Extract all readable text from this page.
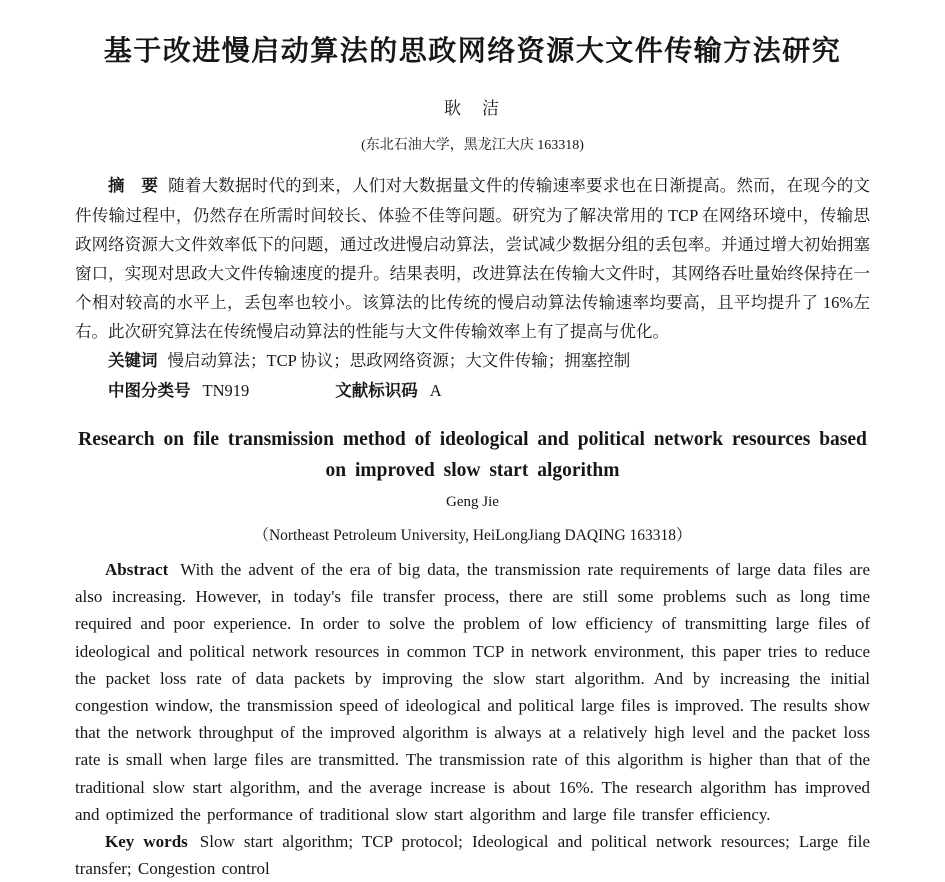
基于改进慢启动算法的思政网络资源大文件传输方法研究
耿　洁
(东北石油大学，黑龙江大庆 163318)

摘　要 随着大数据时代的到来，人们对大数据量文件的传输速率要求也在日渐提高。然而，在现今的文件传输过程中，仍然存在所需时间较长、体验不佳等问题。研究为了解决常用的 TCP 在网络环境中，传输思政网络资源大文件效率低下的问题，通过改进慢启动算法，尝试减少数据分组的丢包率。并通过增大初始拥塞窗口，实现对思政大文件传输速度的提升。结果表明，改进算法在传输大文件时，其网络吞吐量始终保持在一个相对较高的水平上，丢包率也较小。该算法的比传统的慢启动算法传输速率均要高，且平均提升了 16%左右。此次研究算法在传统慢启动算法的性能与大文件传输效率上有了提高与优化。

关键词 慢启动算法；TCP 协议；思政网络资源；大文件传输；拥塞控制

中图分类号 TN919	文献标识码 A

Research on file transmission method of ideological and political network resources based on improved slow start algorithm
Geng Jie
（Northeast Petroleum University, HeiLongJiang DAQING 163318）

Abstract With the advent of the era of big data, the transmission rate requirements of large data files are also increasing. However, in today's file transfer process, there are still some problems such as long time required and poor experience. In order to solve the problem of low efficiency of transmitting large files of ideological and political network resources in common TCP in network environment, this paper tries to reduce the packet loss rate of data packets by improving the slow start algorithm. And by increasing the initial congestion window, the transmission speed of ideological and political large files is improved. The results show that the network throughput of the improved algorithm is always at a relatively high level and the packet loss rate is small when large files are transmitted. The transmission rate of this algorithm is higher than that of the traditional slow start algorithm, and the average increase is about 16%. The research algorithm has improved and optimized the performance of traditional slow start algorithm and large file transfer efficiency.

Key words Slow start algorithm; TCP protocol; Ideological and political network resources; Large file transfer; Congestion control
